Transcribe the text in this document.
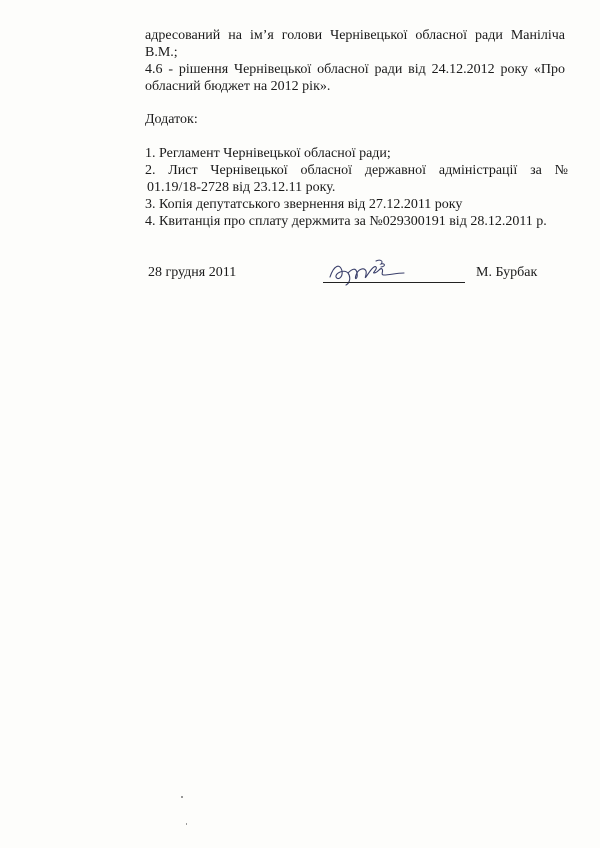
адресований на ім’я голови Чернівецької обласної ради Маніліча
В.М.;
4.6 - рішення Чернівецької обласної ради від 24.12.2012 року «Про
обласний бюджет на 2012 рік».
Додаток:
1. Регламент Чернівецької обласної ради;
2. Лист Чернівецької обласної державної адміністрації за №
01.19/18-2728 від 23.12.11 року.
3. Копія депутатського звернення від 27.12.2011 року
4. Квитанція про сплату держмита за №029300191 від 28.12.2011 р.
28 грудня 2011	М. Бурбак
